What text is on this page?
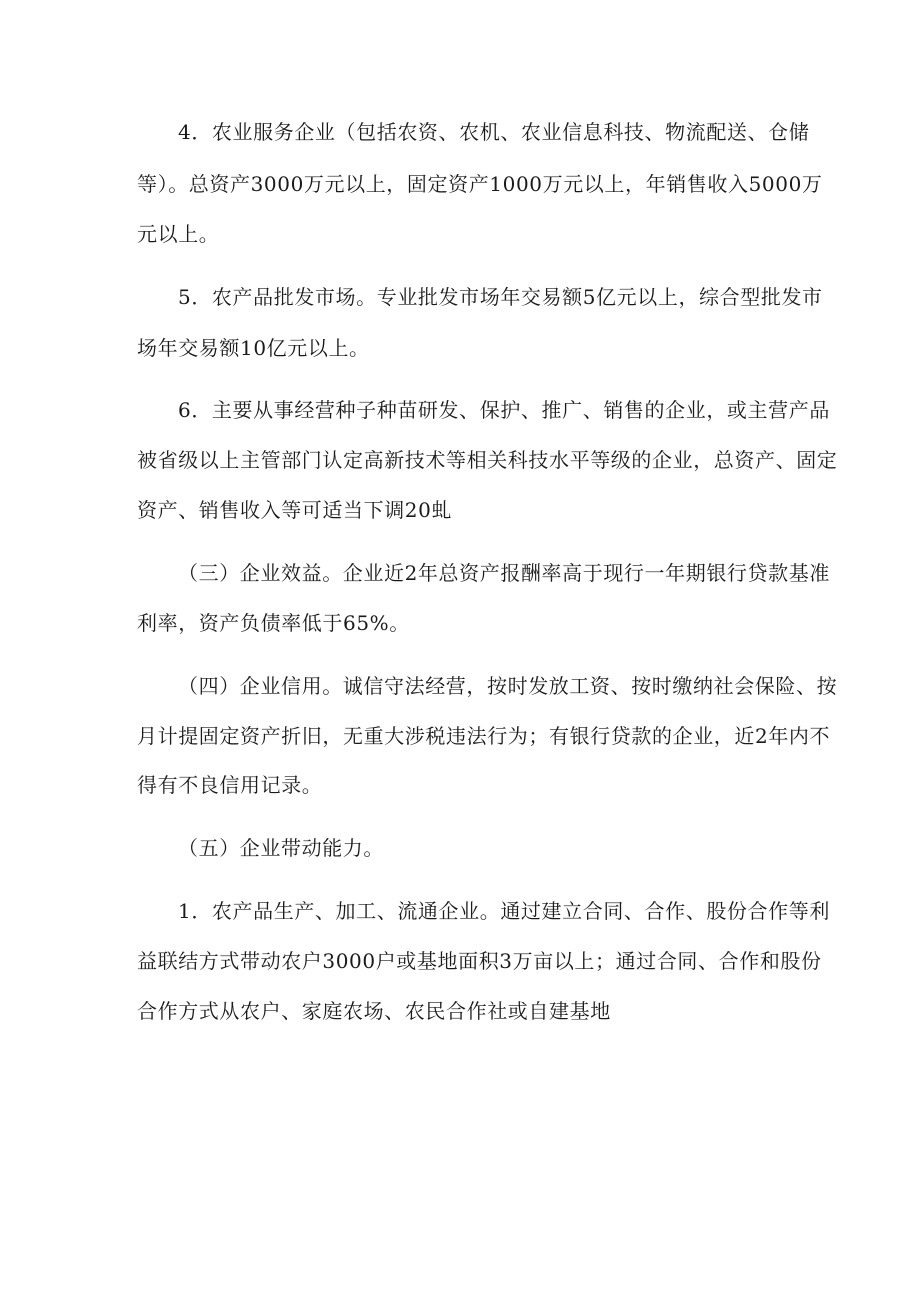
4．农业服务企业（包括农资、农机、农业信息科技、物流配送、仓储
等）。总资产3000万元以上，固定资产1000万元以上，年销售收入5000万
元以上。
5．农产品批发市场。专业批发市场年交易额5亿元以上，综合型批发市
场年交易额10亿元以上。
6．主要从事经营种子种苗研发、保护、推广、销售的企业，或主营产品
被省级以上主管部门认定高新技术等相关科技水平等级的企业，总资产、固定
资产、销售收入等可适当下调20虬
（三）企业效益。企业近2年总资产报酬率高于现行一年期银行贷款基准
利率，资产负债率低于65%。
（四）企业信用。诚信守法经营，按时发放工资、按时缴纳社会保险、按
月计提固定资产折旧，无重大涉税违法行为；有银行贷款的企业，近2年内不
得有不良信用记录。
（五）企业带动能力。
1．农产品生产、加工、流通企业。通过建立合同、合作、股份合作等利
益联结方式带动农户3000户或基地面积3万亩以上；通过合同、合作和股份
合作方式从农户、家庭农场、农民合作社或自建基地
